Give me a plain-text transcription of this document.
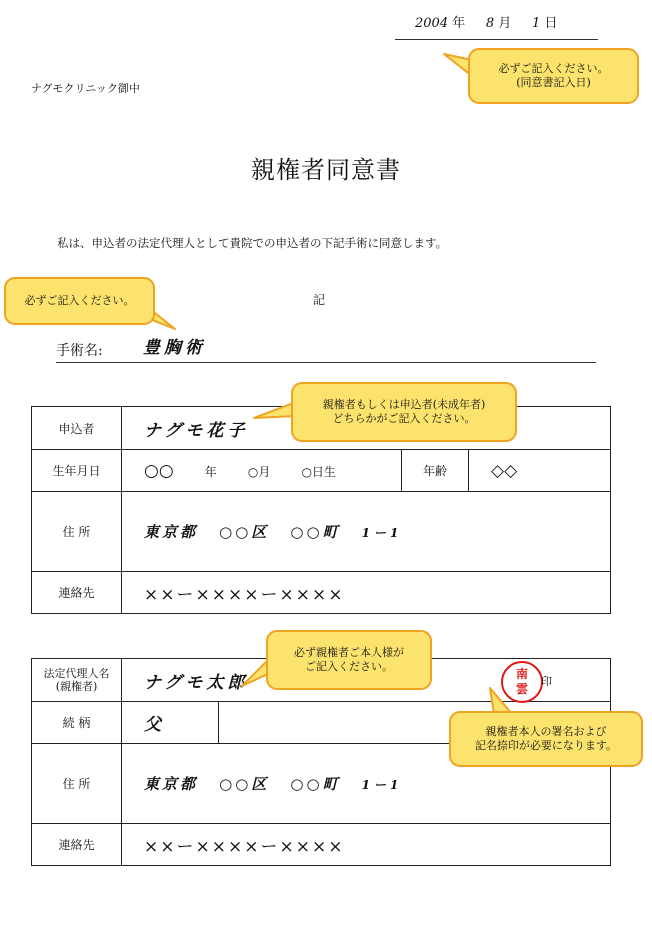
2004 年 8 月 1 日
ナグモクリニック御中
親権者同意書
私は、申込者の法定代理人として貴院での申込者の下記手術に同意します。
記
手術名: 豊胸術
申込者	ナグモ花子		
生年月日	○○ 年 ○月 ○日生	年齢	◇◇
住 所	東京都 ○○区 ○○町 1ー1		
連絡先	××ー××××ー××××		
法定代理人名
(親権者)	ナグモ太郎	
続 柄	父	
住 所	東京都 ○○区 ○○町 1ー1	
連絡先	××ー××××ー××××	
南
雲
印
必ずご記入ください。
(同意書記入日)
必ずご記入ください。
親権者もしくは申込者(未成年者)
どちらかがご記入ください。
必ず親権者ご本人様が
ご記入ください。
親権者本人の署名および
記名捺印が必要になります。
